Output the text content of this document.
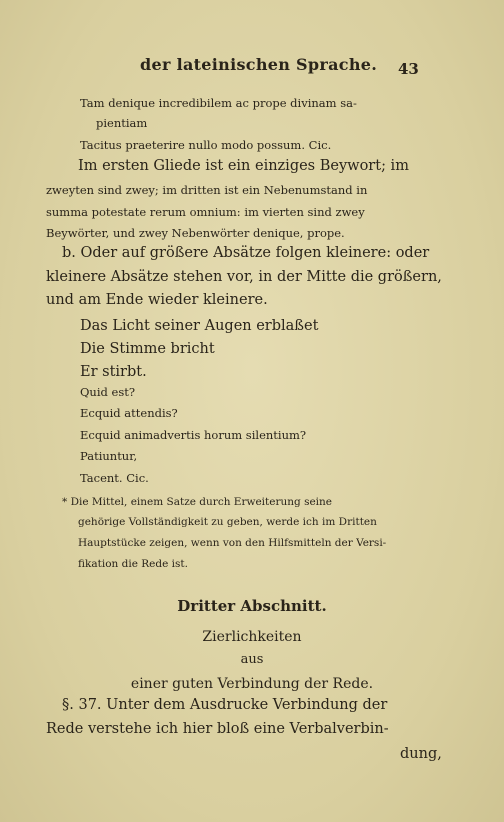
der lateinischen Sprache. 43
Tam denique incredibilem ac prope divinam sa-
pientiam
Tacitus praeterire nullo modo possum. Cic.
Im ersten Gliede ist ein einziges Beywort; im
zweyten sind zwey; im dritten ist ein Nebenumstand in
summa potestate rerum omnium: im vierten sind zwey
Beywörter, und zwey Nebenwörter denique, prope.
b. Oder auf größere Absätze folgen kleinere: oder
kleinere Absätze stehen vor, in der Mitte die größern,
und am Ende wieder kleinere.
Das Licht seiner Augen erblaßet
Die Stimme bricht
Er stirbt.
Quid est?
Ecquid attendis?
Ecquid animadvertis horum silentium?
Patiuntur,
Tacent. Cic.
* Die Mittel, einem Satze durch Erweiterung seine
gehörige Vollständigkeit zu geben, werde ich im Dritten
Hauptstücke zeigen, wenn von den Hilfsmitteln der Versi-
fikation die Rede ist.
Dritter Abschnitt.
Zierlichkeiten
aus
einer guten Verbindung der Rede.
§. 37. Unter dem Ausdrucke Verbindung der
Rede verstehe ich hier bloß eine Verbalverbin-
dung,
